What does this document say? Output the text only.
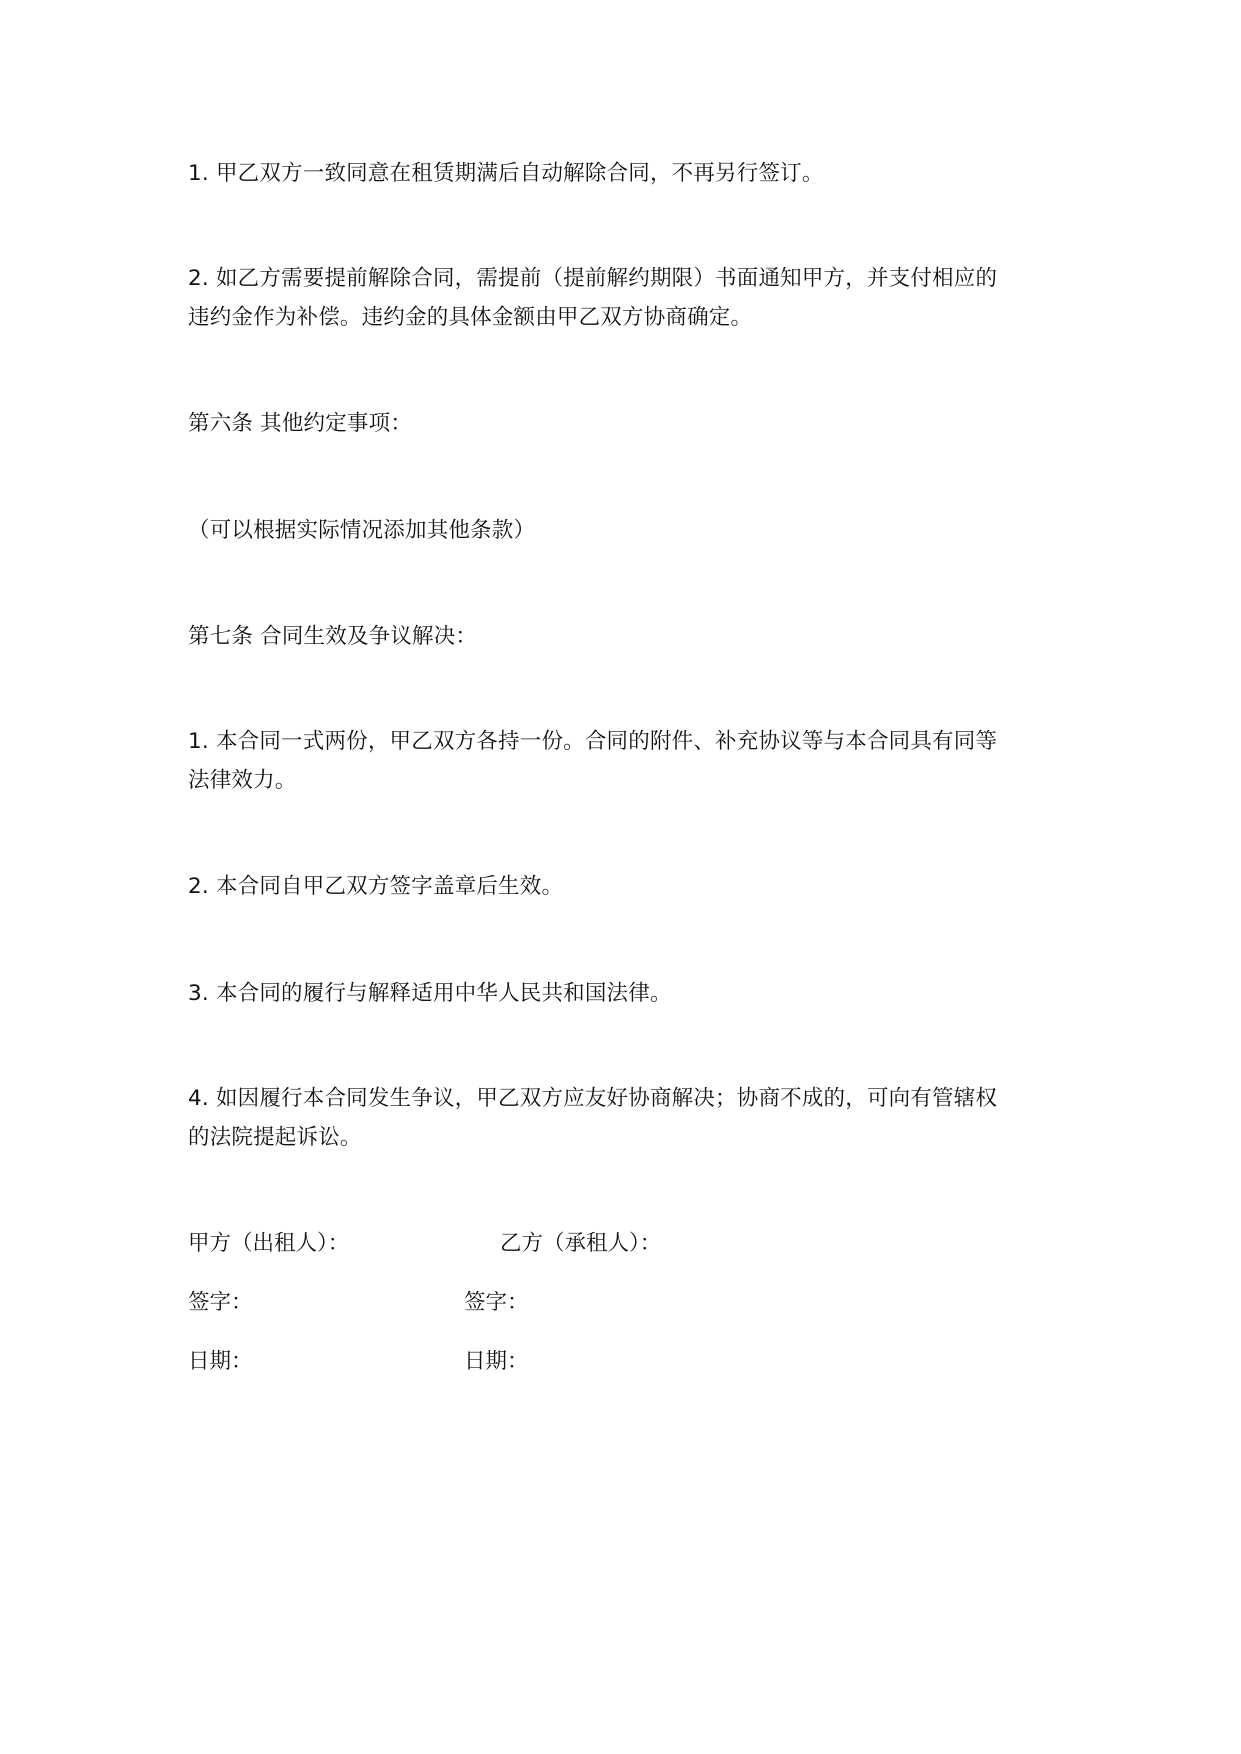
1. 甲乙双方一致同意在租赁期满后自动解除合同，不再另行签订。
2. 如乙方需要提前解除合同，需提前（提前解约期限）书面通知甲方，并支付相应的
违约金作为补偿。违约金的具体金额由甲乙双方协商确定。
第六条 其他约定事项：
（可以根据实际情况添加其他条款）
第七条 合同生效及争议解决：
1. 本合同一式两份，甲乙双方各持一份。合同的附件、补充协议等与本合同具有同等
法律效力。
2. 本合同自甲乙双方签字盖章后生效。
3. 本合同的履行与解释适用中华人民共和国法律。
4. 如因履行本合同发生争议，甲乙双方应友好协商解决；协商不成的，可向有管辖权
的法院提起诉讼。
甲方（出租人）：	乙方（承租人）：
签字：	签字：
日期：	日期：
